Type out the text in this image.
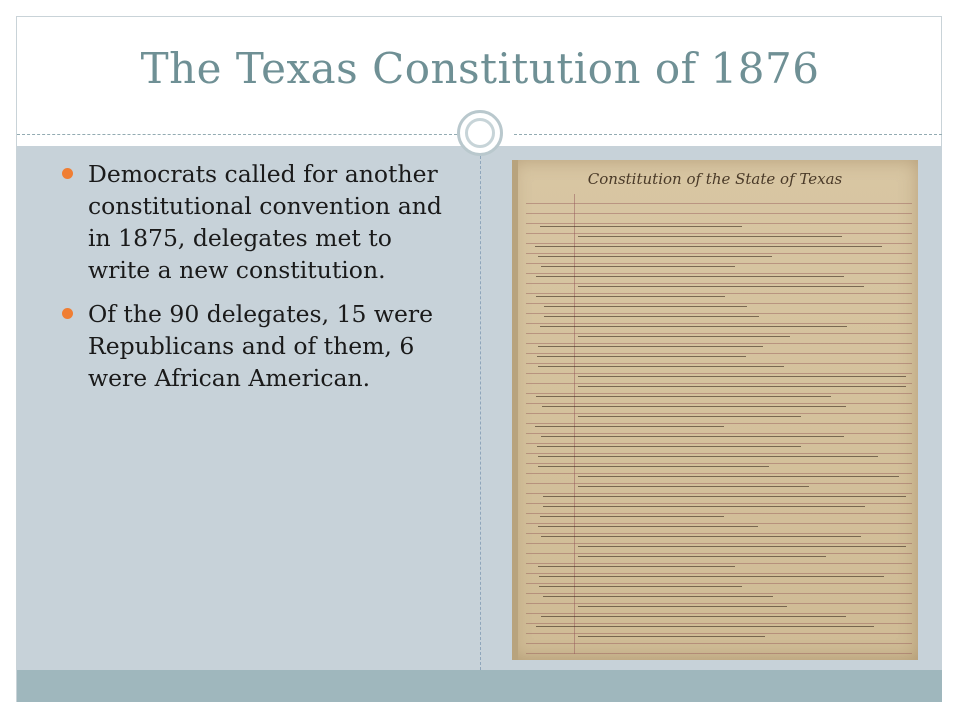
The Texas Constitution of 1876
Democrats called for another constitutional convention and in 1875, delegates met to write a new constitution.
Of the 90 delegates, 15 were Republicans and of them, 6 were African American.
Constitution of the State of Texas
